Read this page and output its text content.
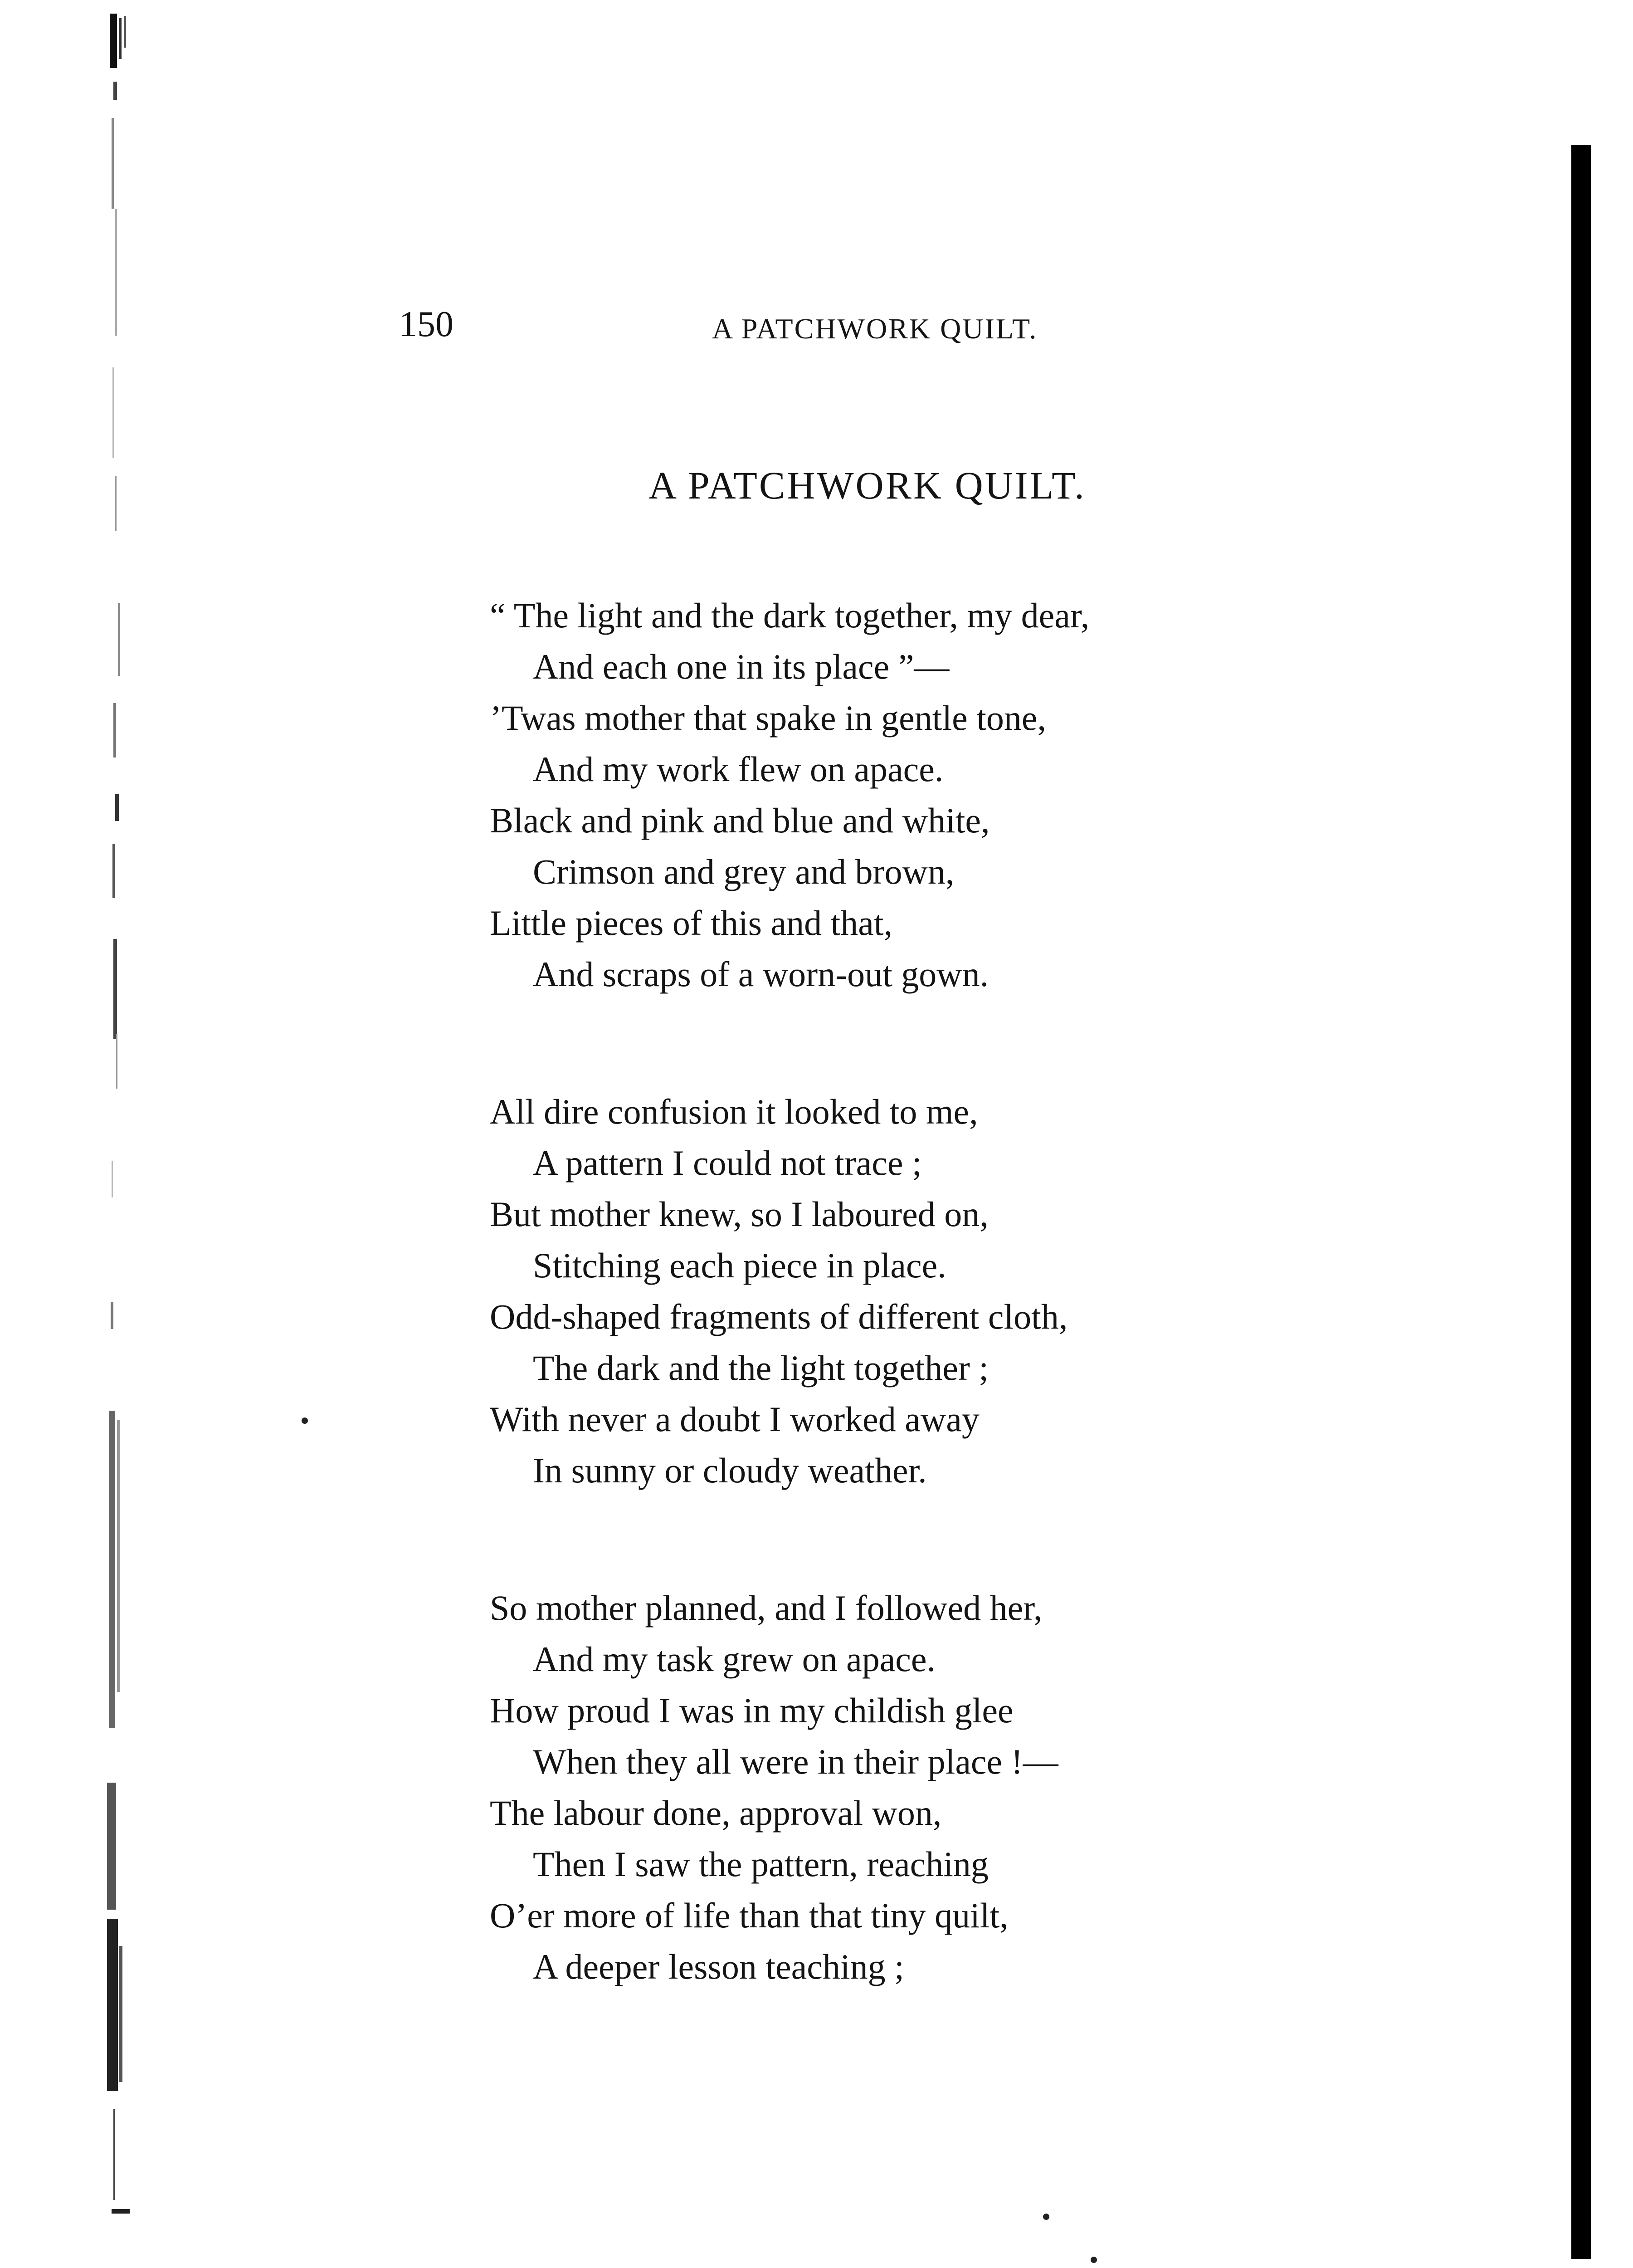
150	A PATCHWORK QUILT.
A PATCHWORK QUILT.
“ The light and the dark together, my dear,
And each one in its place ”—
’Twas mother that spake in gentle tone,
And my work flew on apace.
Black and pink and blue and white,
Crimson and grey and brown,
Little pieces of this and that,
And scraps of a worn-out gown.
All dire confusion it looked to me,
A pattern I could not trace ;
But mother knew, so I laboured on,
Stitching each piece in place.
Odd-shaped fragments of different cloth,
The dark and the light together ;
With never a doubt I worked away
In sunny or cloudy weather.
So mother planned, and I followed her,
And my task grew on apace.
How proud I was in my childish glee
When they all were in their place !—
The labour done, approval won,
Then I saw the pattern, reaching
O’er more of life than that tiny quilt,
A deeper lesson teaching ;
